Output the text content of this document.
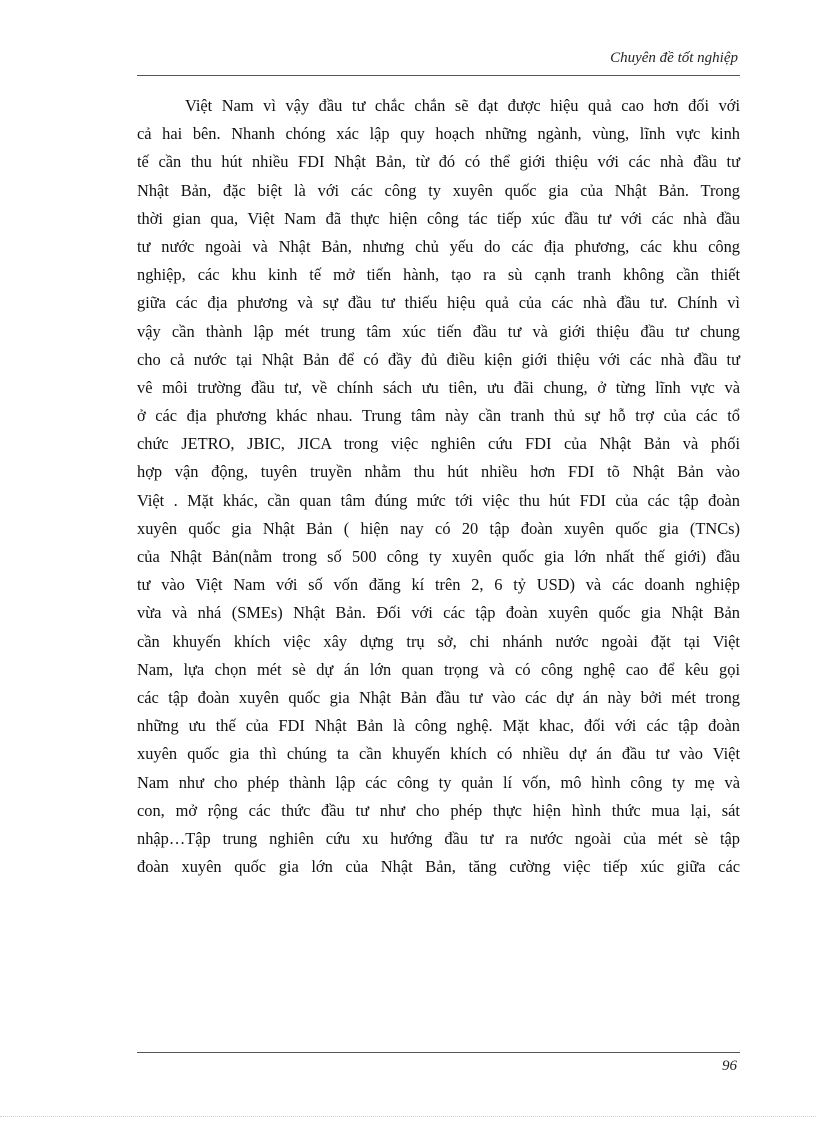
Chuyên đề tốt nghiệp
Việt Nam vì vậy đầu tư chắc chắn sẽ đạt được hiệu quả cao hơn đối với
cả hai bên. Nhanh chóng xác lập quy hoạch những ngành, vùng, lĩnh vực kinh
tế cần thu hút nhiều FDI Nhật Bản, từ đó có thể giới thiệu với các nhà đầu tư
Nhật Bản, đặc biệt là với các công ty xuyên quốc gia của Nhật Bản. Trong
thời gian qua, Việt Nam đã thực hiện công tác tiếp xúc đầu tư với các nhà đầu
tư nước ngoài và Nhật Bản, nhưng chủ yếu do các địa phương, các khu công
nghiệp, các khu kinh tế mở tiến hành, tạo ra sù cạnh tranh không cần thiết
giữa các địa phương và sự đầu tư thiếu hiệu quả của các nhà đầu tư. Chính vì
vậy cần thành lập mét trung tâm xúc tiến đầu tư và giới thiệu đầu tư chung
cho cả nước tại Nhật Bản để có đầy đủ điều kiện giới thiệu với các nhà đầu tư
vê môi trường đầu tư, về chính sách ưu tiên, ưu đãi chung, ở từng lĩnh vực và
ở các địa phương khác nhau. Trung tâm này cần tranh thủ sự hỗ trợ của các tổ
chức JETRO, JBIC, JICA trong việc nghiên cứu FDI của Nhật Bản và phối
hợp vận động, tuyên truyền nhằm thu hút nhiều hơn FDI tõ Nhật Bản vào
Việt . Mặt khác, cần quan tâm đúng mức tới việc thu hút FDI của các tập đoàn
xuyên quốc gia Nhật Bản ( hiện nay có 20 tập đoàn xuyên quốc gia (TNCs)
của Nhật Bản(nằm trong số 500 công ty xuyên quốc gia lớn nhất thế giới) đầu
tư vào Việt Nam với số vốn đăng kí trên 2, 6 tỷ USD) và các doanh nghiệp
vừa và nhá (SMEs) Nhật Bản. Đối với các tập đoàn xuyên quốc gia Nhật Bản
cần khuyến khích việc xây dựng trụ sở, chi nhánh nước ngoài đặt tại Việt
Nam, lựa chọn mét sè dự án lớn quan trọng và có công nghệ cao để kêu gọi
các tập đoàn xuyên quốc gia Nhật Bản đầu tư vào các dự án này bởi mét trong
những ưu thế của FDI Nhật Bản là công nghệ. Mặt khac, đối với các tập đoàn
xuyên quốc gia thì chúng ta cần khuyến khích có nhiều dự án đầu tư vào Việt
Nam như cho phép thành lập các công ty quản lí vốn, mô hình công ty mẹ và
con, mở rộng các thức đầu tư như cho phép thực hiện hình thức mua lại, sát
nhập…Tập trung nghiên cứu xu hướng đầu tư ra nước ngoài của mét sè tập
đoàn xuyên quốc gia lớn của Nhật Bản, tăng cường việc tiếp xúc giữa các
96
